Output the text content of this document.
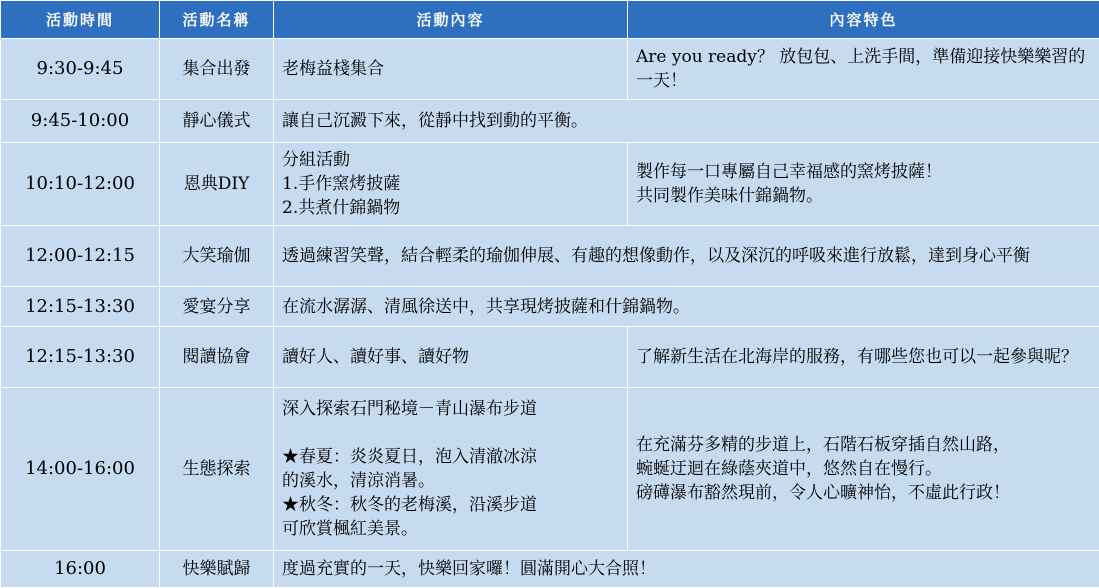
活動時間	活動名稱	活動內容	內容特色
9:30-9:45	集合出發	老梅益棧集合	Are you ready？ 放包包、上洗手間，準備迎接快樂樂習的一天！
9:45-10:00	靜心儀式	讓自己沉澱下來，從靜中找到動的平衡。	
10:10-12:00	恩典DIY	分組活動
1.手作窯烤披薩
2.共煮什錦鍋物	製作每一口專屬自己幸福感的窯烤披薩！
共同製作美味什錦鍋物。

12:00-12:15	大笑瑜伽	透過練習笑聲，結合輕柔的瑜伽伸展、有趣的想像動作，以及深沉的呼吸來進行放鬆，達到身心平衡	
12:15-13:30	愛宴分享	在流水潺潺、清風徐送中，共享現烤披薩和什錦鍋物。	
12:15-13:30	閱讀協會	讀好人、讀好事、讀好物	了解新生活在北海岸的服務，有哪些您也可以一起參與呢？
14:00-16:00	生態探索	深入探索石門秘境－青山瀑布步道
★春夏：炎炎夏日，泡入清澈冰涼
的溪水，清涼消暑。
★秋冬：秋冬的老梅溪，沿溪步道
可欣賞楓紅美景。	在充滿芬多精的步道上，石階石板穿插自然山路，
蜿蜒迂迴在綠蔭夾道中，悠然自在慢行。
磅礡瀑布豁然現前，令人心曠神怡，不虛此行政！

16:00	快樂賦歸	度過充實的一天，快樂回家囉！圓滿開心大合照！	
